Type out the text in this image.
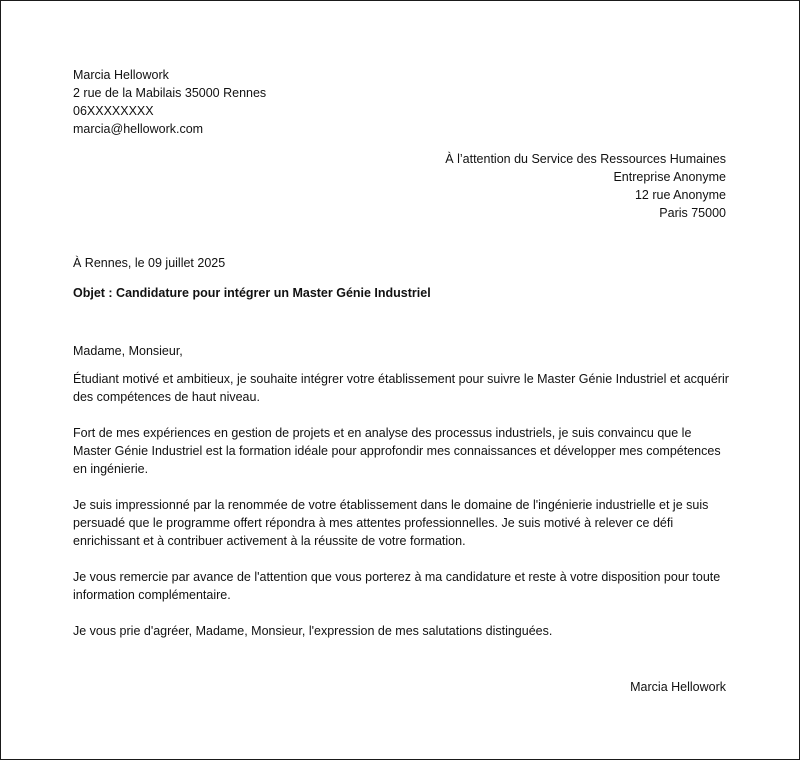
Marcia Hellowork
2 rue de la Mabilais 35000 Rennes
06XXXXXXXX
marcia@hellowork.com
À l’attention du Service des Ressources Humaines
Entreprise Anonyme
12 rue Anonyme
Paris 75000
À Rennes, le 09 juillet 2025
Objet : Candidature pour intégrer un Master Génie Industriel

Madame, Monsieur,

Étudiant motivé et ambitieux, je souhaite intégrer votre établissement pour suivre le Master Génie Industriel et acquérir des compétences de haut niveau.

Fort de mes expériences en gestion de projets et en analyse des processus industriels, je suis convaincu que le Master Génie Industriel est la formation idéale pour approfondir mes connaissances et développer mes compétences en ingénierie.

Je suis impressionné par la renommée de votre établissement dans le domaine de l'ingénierie industrielle et je suis persuadé que le programme offert répondra à mes attentes professionnelles. Je suis motivé à relever ce défi enrichissant et à contribuer activement à la réussite de votre formation.

Je vous remercie par avance de l'attention que vous porterez à ma candidature et reste à votre disposition pour toute information complémentaire.

Je vous prie d'agréer, Madame, Monsieur, l'expression de mes salutations distinguées.

Marcia Hellowork
